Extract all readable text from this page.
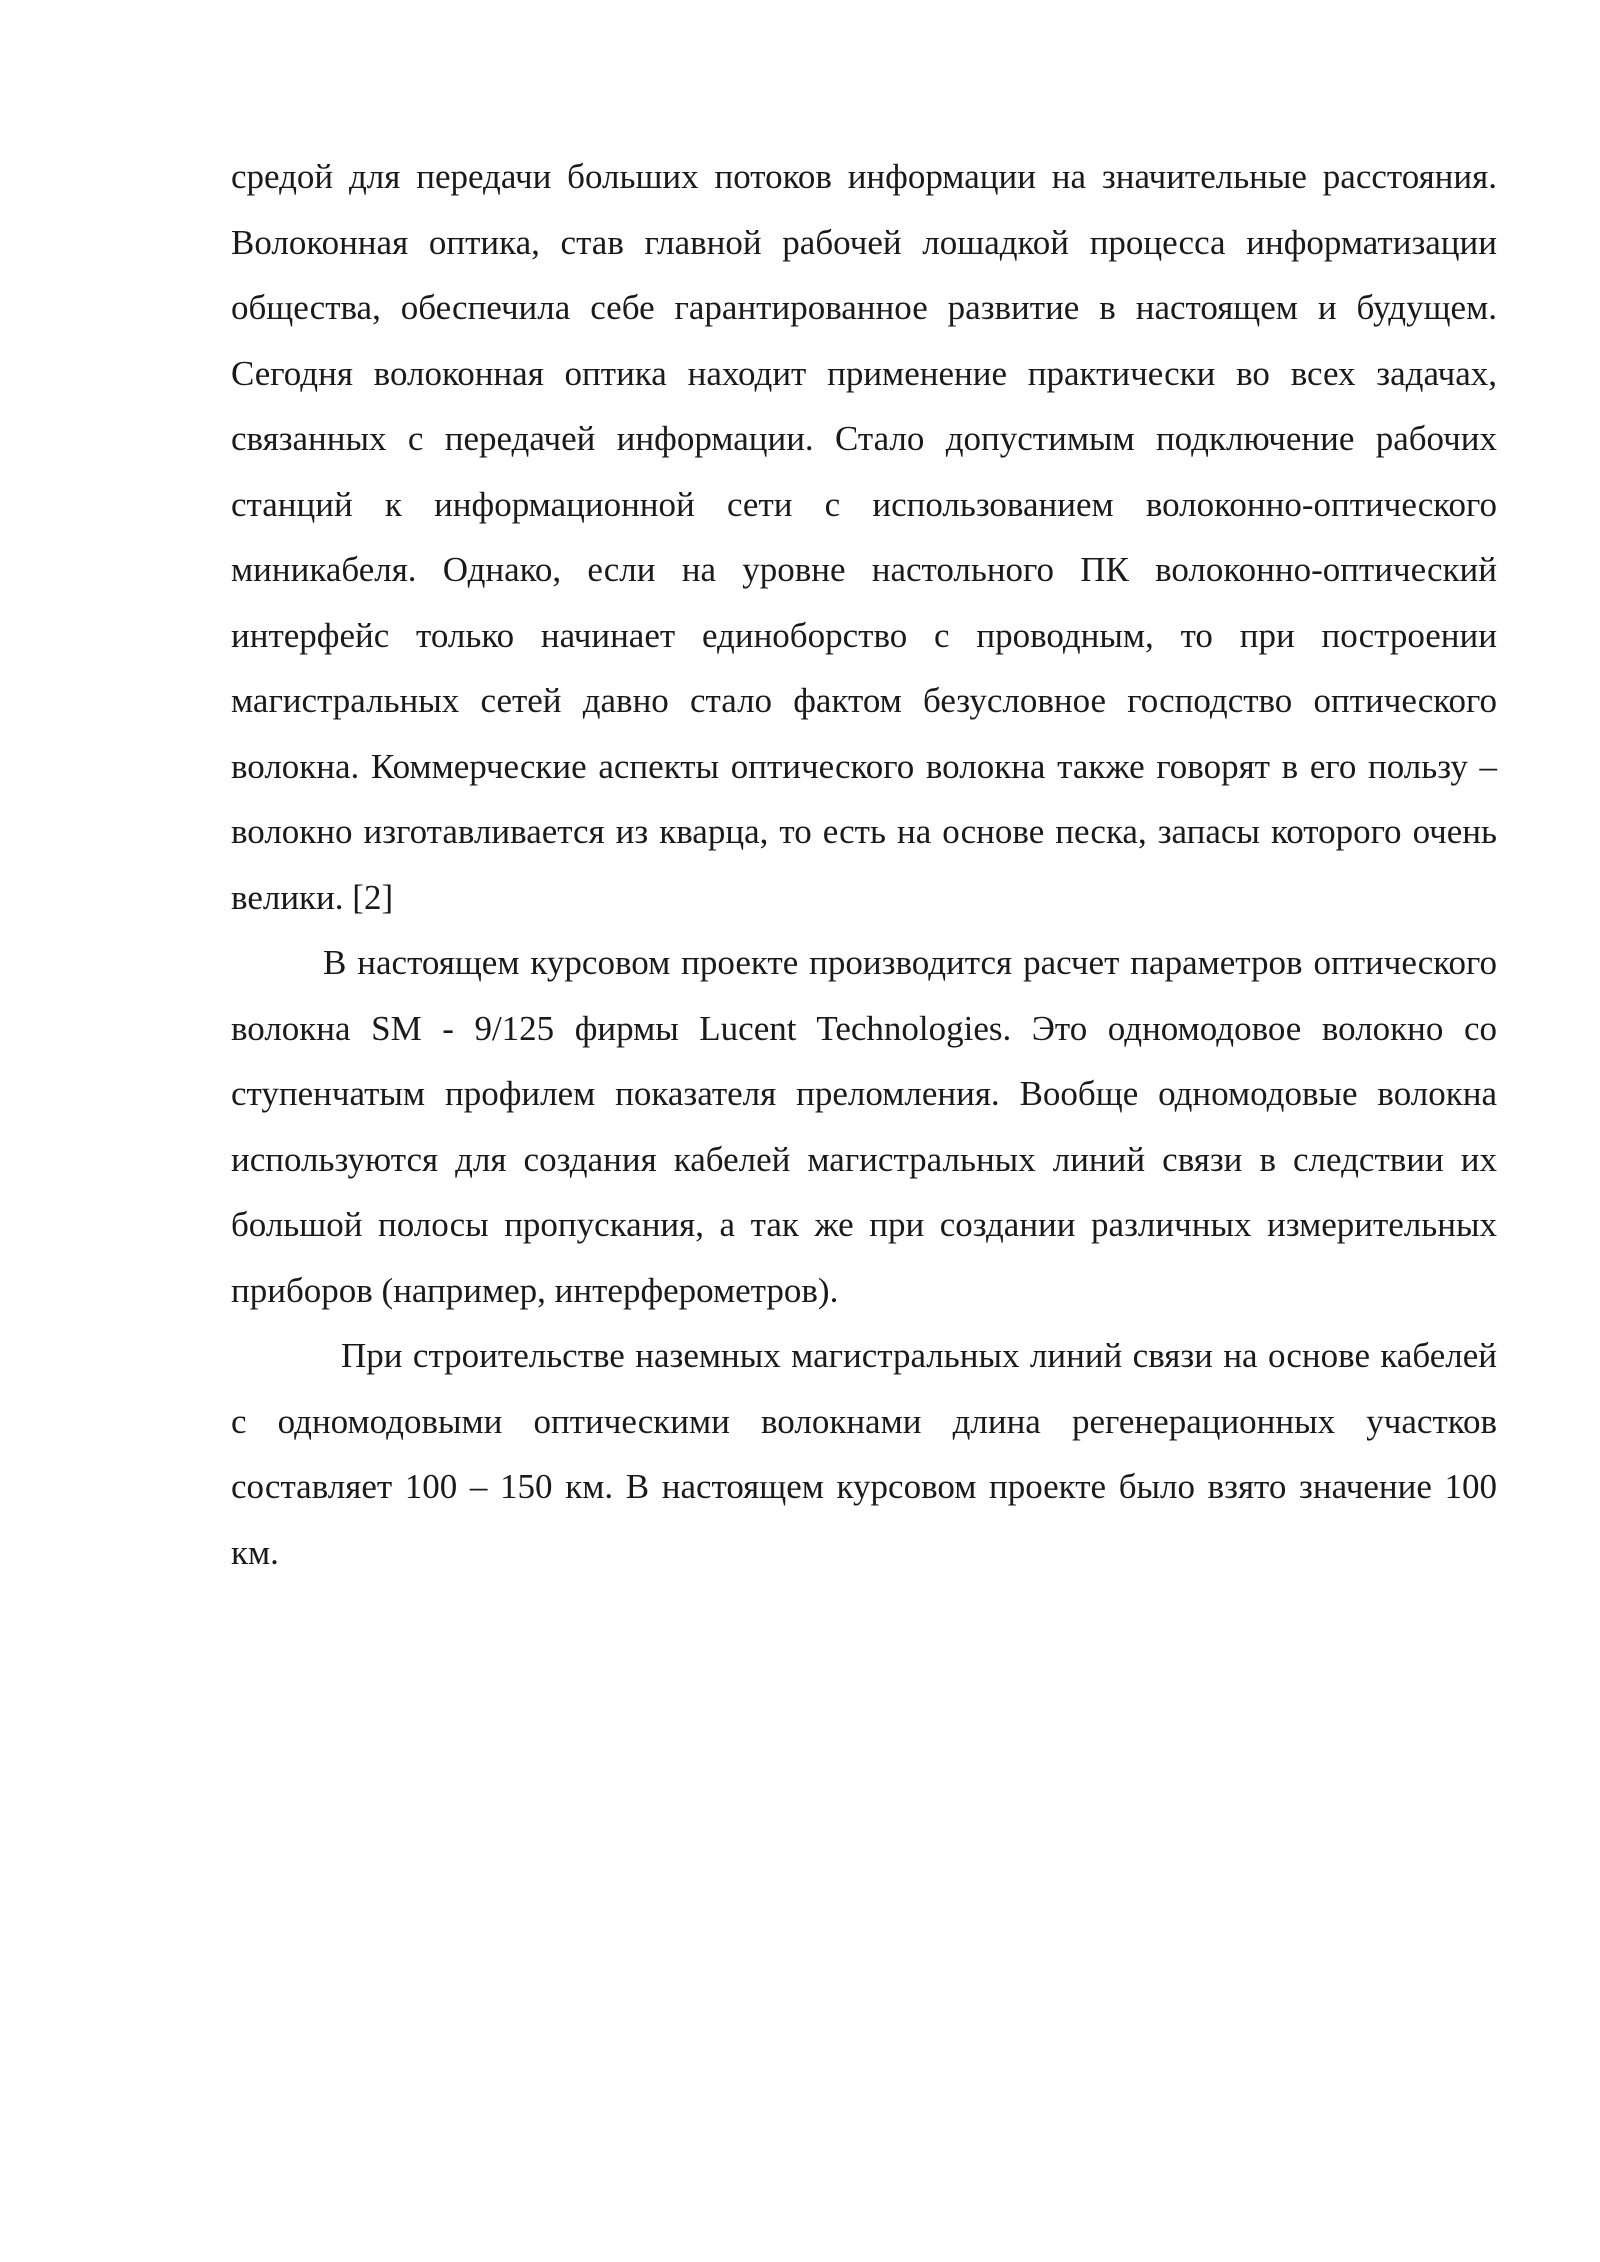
средой для передачи больших потоков информации на значительные расстояния. Волоконная оптика, став главной рабочей лошадкой процесса информатизации общества, обеспечила себе гарантированное развитие в настоящем и будущем. Сегодня волоконная оптика находит применение практически во всех задачах, связанных с передачей информации. Стало допустимым подключение рабочих станций к информационной сети с использованием волоконно-оптического миникабеля. Однако, если на уровне настольного ПК волоконно-оптический интерфейс только начинает единоборство с проводным, то при построении магистральных сетей давно стало фактом безусловное господство оптического волокна. Коммерческие аспекты оптического волокна также говорят в его пользу – волокно изготавливается из кварца, то есть на основе песка, запасы которого очень велики. [2]

В настоящем курсовом проекте производится расчет параметров оптического волокна SM - 9/125 фирмы Lucent Technologies. Это одномодовое волокно со ступенчатым профилем показателя преломления. Вообще одномодовые волокна используются для создания кабелей магистральных линий связи в следствии их большой полосы пропускания, а так же при создании различных измерительных приборов (например, интерферометров).

При строительстве наземных магистральных линий связи на основе кабелей с одномодовыми оптическими волокнами длина регенерационных участков составляет 100 – 150 км. В настоящем курсовом проекте было взято значение 100 км.
